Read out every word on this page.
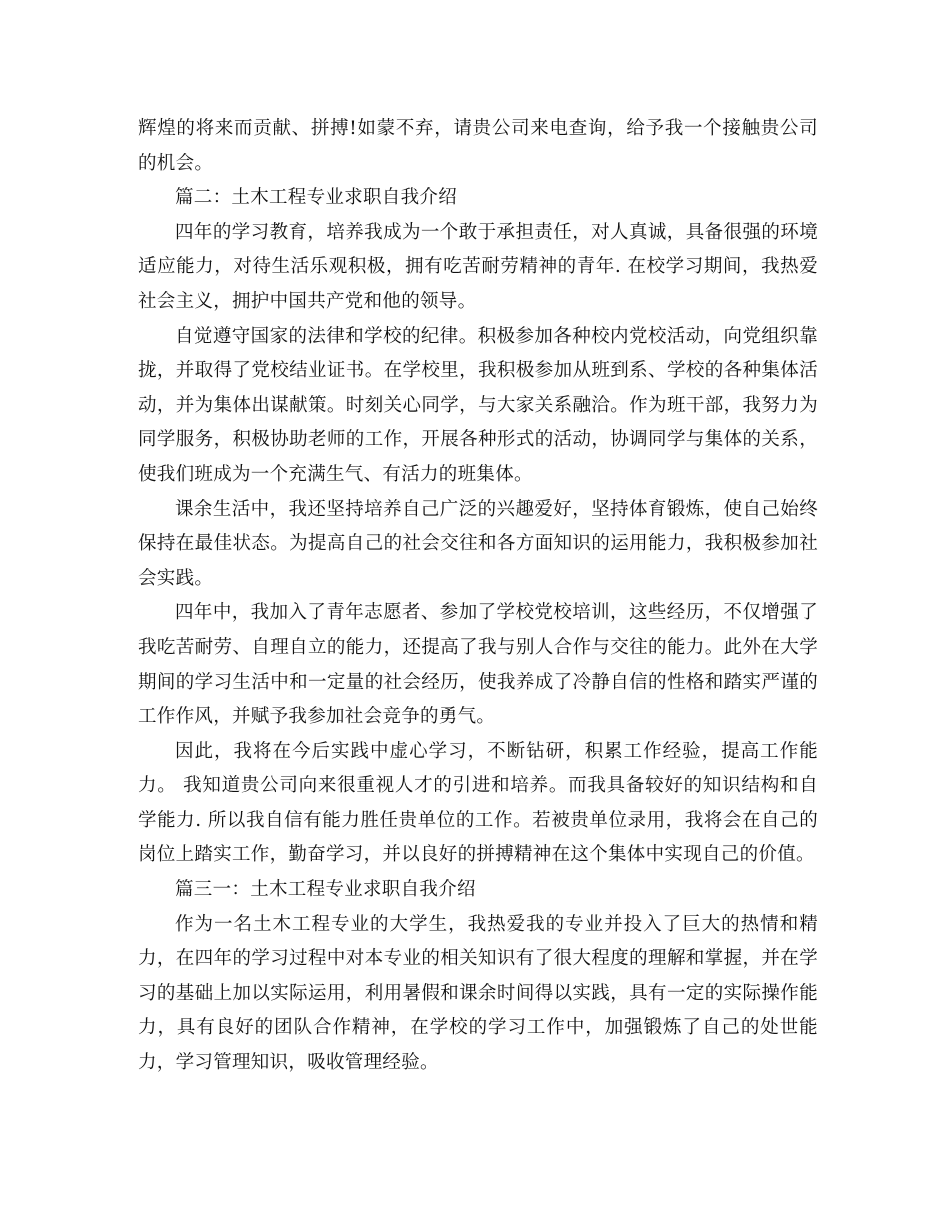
辉煌的将来而贡献、拼搏!如蒙不弃，请贵公司来电查询，给予我一个接触贵公司的机会。

篇二：土木工程专业求职自我介绍

四年的学习教育，培养我成为一个敢于承担责任，对人真诚，具备很强的环境适应能力，对待生活乐观积极，拥有吃苦耐劳精神的青年. 在校学习期间，我热爱社会主义，拥护中国共产党和他的领导。

自觉遵守国家的法律和学校的纪律。积极参加各种校内党校活动，向党组织靠拢，并取得了党校结业证书。在学校里，我积极参加从班到系、学校的各种集体活动，并为集体出谋献策。时刻关心同学，与大家关系融洽。作为班干部，我努力为同学服务，积极协助老师的工作，开展各种形式的活动，协调同学与集体的关系，使我们班成为一个充满生气、有活力的班集体。

课余生活中，我还坚持培养自己广泛的兴趣爱好，坚持体育锻炼，使自己始终保持在最佳状态。为提高自己的社会交往和各方面知识的运用能力，我积极参加社会实践。

四年中，我加入了青年志愿者、参加了学校党校培训，这些经历，不仅增强了我吃苦耐劳、自理自立的能力，还提高了我与别人合作与交往的能力。此外在大学期间的学习生活中和一定量的社会经历，使我养成了冷静自信的性格和踏实严谨的工作作风，并赋予我参加社会竞争的勇气。

因此，我将在今后实践中虚心学习，不断钻研，积累工作经验，提高工作能力。 我知道贵公司向来很重视人才的引进和培养。而我具备较好的知识结构和自学能力. 所以我自信有能力胜任贵单位的工作。若被贵单位录用，我将会在自己的岗位上踏实工作，勤奋学习，并以良好的拼搏精神在这个集体中实现自己的价值。

篇三一：土木工程专业求职自我介绍

作为一名土木工程专业的大学生，我热爱我的专业并投入了巨大的热情和精力，在四年的学习过程中对本专业的相关知识有了很大程度的理解和掌握，并在学习的基础上加以实际运用，利用暑假和课余时间得以实践，具有一定的实际操作能力，具有良好的团队合作精神，在学校的学习工作中，加强锻炼了自己的处世能力，学习管理知识，吸收管理经验。
